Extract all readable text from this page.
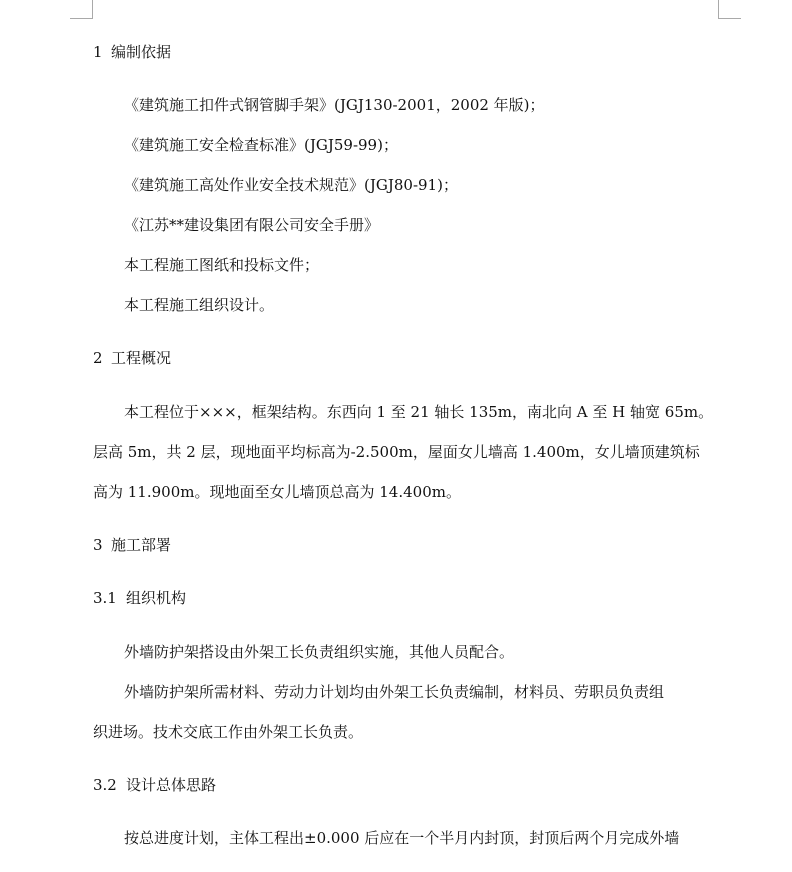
1 编制依据
《建筑施工扣件式钢管脚手架》(JGJ130-2001，2002 年版)；
《建筑施工安全检查标准》(JGJ59-99)；
《建筑施工高处作业安全技术规范》(JGJ80-91)；
《江苏**建设集团有限公司安全手册》
本工程施工图纸和投标文件；
本工程施工组织设计。
2 工程概况
本工程位于×××，框架结构。东西向 1 至 21 轴长 135m，南北向 A 至 H 轴宽 65m。
层高 5m，共 2 层，现地面平均标高为-2.500m，屋面女儿墙高 1.400m，女儿墙顶建筑标
高为 11.900m。现地面至女儿墙顶总高为 14.400m。
3 施工部署
3.1 组织机构
外墙防护架搭设由外架工长负责组织实施，其他人员配合。
外墙防护架所需材料、劳动力计划均由外架工长负责编制，材料员、劳职员负责组
织进场。技术交底工作由外架工长负责。
3.2 设计总体思路
按总进度计划，主体工程出±0.000 后应在一个半月内封顶，封顶后两个月完成外墙
